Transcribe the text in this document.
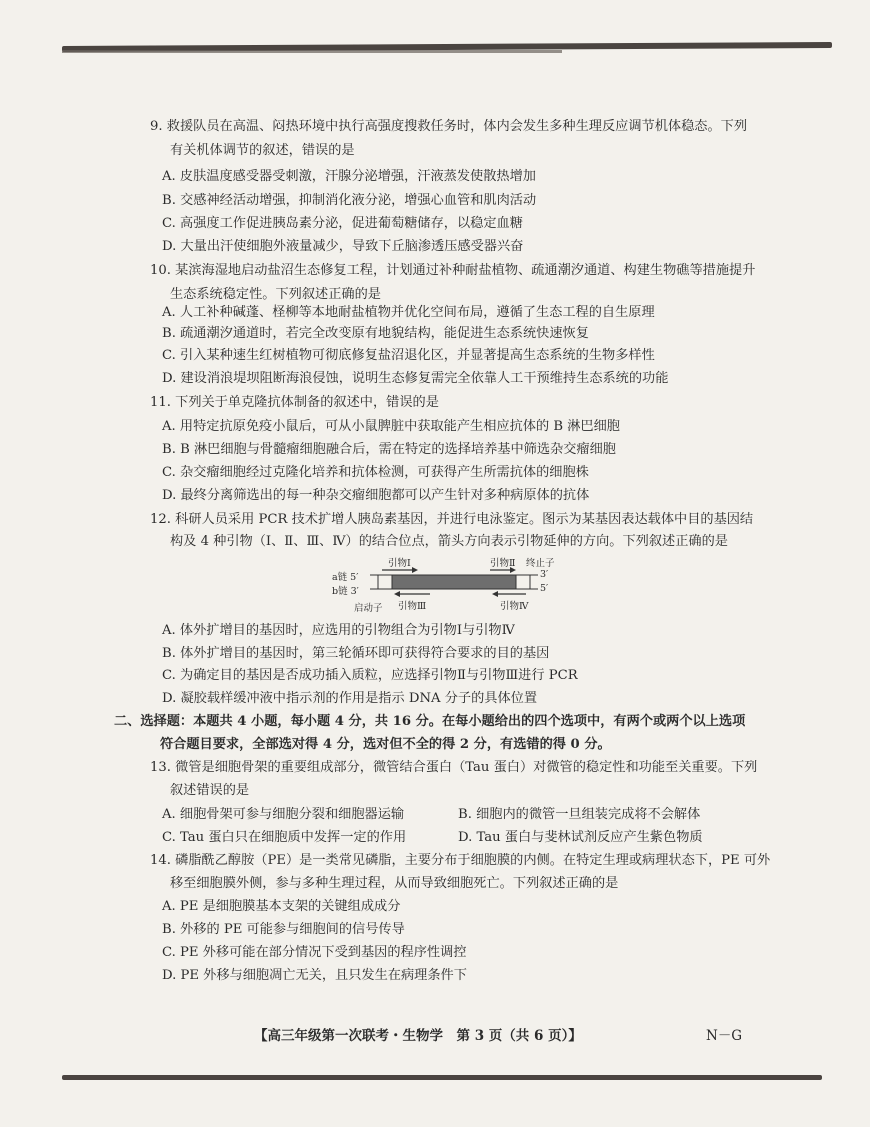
9. 救援队员在高温、闷热环境中执行高强度搜救任务时，体内会发生多种生理反应调节机体稳态。下列
有关机体调节的叙述，错误的是
A. 皮肤温度感受器受刺激，汗腺分泌增强，汗液蒸发使散热增加
B. 交感神经活动增强，抑制消化液分泌，增强心血管和肌肉活动
C. 高强度工作促进胰岛素分泌，促进葡萄糖储存，以稳定血糖
D. 大量出汗使细胞外液量减少，导致下丘脑渗透压感受器兴奋
10. 某滨海湿地启动盐沼生态修复工程，计划通过补种耐盐植物、疏通潮汐通道、构建生物礁等措施提升
生态系统稳定性。下列叙述正确的是
A. 人工补种碱蓬、柽柳等本地耐盐植物并优化空间布局，遵循了生态工程的自生原理
B. 疏通潮汐通道时，若完全改变原有地貌结构，能促进生态系统快速恢复
C. 引入某种速生红树植物可彻底修复盐沼退化区，并显著提高生态系统的生物多样性
D. 建设消浪堤坝阻断海浪侵蚀，说明生态修复需完全依靠人工干预维持生态系统的功能
11. 下列关于单克隆抗体制备的叙述中，错误的是
A. 用特定抗原免疫小鼠后，可从小鼠脾脏中获取能产生相应抗体的 B 淋巴细胞
B. B 淋巴细胞与骨髓瘤细胞融合后，需在特定的选择培养基中筛选杂交瘤细胞
C. 杂交瘤细胞经过克隆化培养和抗体检测，可获得产生所需抗体的细胞株
D. 最终分离筛选出的每一种杂交瘤细胞都可以产生针对多种病原体的抗体
12. 科研人员采用 PCR 技术扩增人胰岛素基因，并进行电泳鉴定。图示为某基因表达载体中目的基因结
构及 4 种引物（Ⅰ、Ⅱ、Ⅲ、Ⅳ）的结合位点，箭头方向表示引物延伸的方向。下列叙述正确的是
引物Ⅰ	引物Ⅱ 终止子
a链 5′
b链 3′
3′
5′
启动子 引物Ⅲ	引物Ⅳ
A. 体外扩增目的基因时，应选用的引物组合为引物Ⅰ与引物Ⅳ
B. 体外扩增目的基因时，第三轮循环即可获得符合要求的目的基因
C. 为确定目的基因是否成功插入质粒，应选择引物Ⅱ与引物Ⅲ进行 PCR
D. 凝胶载样缓冲液中指示剂的作用是指示 DNA 分子的具体位置
二、选择题：本题共 4 小题，每小题 4 分，共 16 分。在每小题给出的四个选项中，有两个或两个以上选项
符合题目要求，全部选对得 4 分，选对但不全的得 2 分，有选错的得 0 分。
13. 微管是细胞骨架的重要组成部分，微管结合蛋白（Tau 蛋白）对微管的稳定性和功能至关重要。下列
叙述错误的是
A. 细胞骨架可参与细胞分裂和细胞器运输	B. 细胞内的微管一旦组装完成将不会解体
C. Tau 蛋白只在细胞质中发挥一定的作用	D. Tau 蛋白与斐林试剂反应产生紫色物质
14. 磷脂酰乙醇胺（PE）是一类常见磷脂，主要分布于细胞膜的内侧。在特定生理或病理状态下，PE 可外
移至细胞膜外侧，参与多种生理过程，从而导致细胞死亡。下列叙述正确的是
A. PE 是细胞膜基本支架的关键组成成分
B. 外移的 PE 可能参与细胞间的信号传导
C. PE 外移可能在部分情况下受到基因的程序性调控
D. PE 外移与细胞凋亡无关，且只发生在病理条件下
【高三年级第一次联考・生物学　第 3 页（共 6 页）】	N－G
